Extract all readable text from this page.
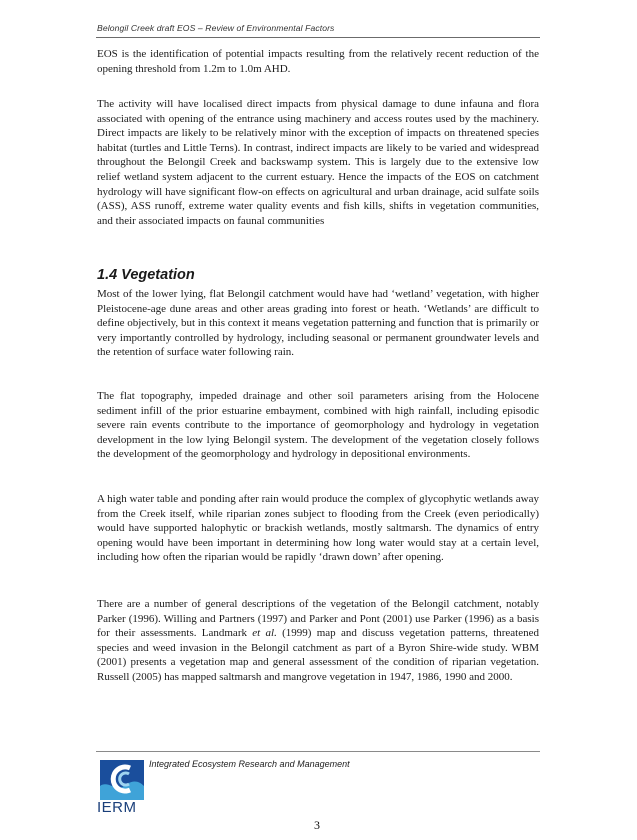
Belongil Creek draft EOS – Review of Environmental Factors

EOS is the identification of potential impacts resulting from the relatively recent reduction of the opening threshold from 1.2m to 1.0m AHD.

The activity will have localised direct impacts from physical damage to dune infauna and flora associated with opening of the entrance using machinery and access routes used by the machinery. Direct impacts are likely to be relatively minor with the exception of impacts on threatened species habitat (turtles and Little Terns). In contrast, indirect impacts are likely to be varied and widespread throughout the Belongil Creek and backswamp system. This is largely due to the extensive low relief wetland system adjacent to the current estuary. Hence the impacts of the EOS on catchment hydrology will have significant flow-on effects on agricultural and urban drainage, acid sulfate soils (ASS), ASS runoff, extreme water quality events and fish kills, shifts in vegetation communities, and their associated impacts on faunal communities

1.4 Vegetation

Most of the lower lying, flat Belongil catchment would have had ‘wetland’ vegetation, with higher Pleistocene-age dune areas and other areas grading into forest or heath. ‘Wetlands’ are difficult to define objectively, but in this context it means vegetation patterning and function that is primarily or very importantly controlled by hydrology, including seasonal or permanent groundwater levels and the retention of surface water following rain.

The flat topography, impeded drainage and other soil parameters arising from the Holocene sediment infill of the prior estuarine embayment, combined with high rainfall, including episodic severe rain events contribute to the importance of geomorphology and hydrology in vegetation development in the low lying Belongil system. The development of the vegetation closely follows the development of the geomorphology and hydrology in depositional environments.

A high water table and ponding after rain would produce the complex of glycophytic wetlands away from the Creek itself, while riparian zones subject to flooding from the Creek (even periodically) would have supported halophytic or brackish wetlands, mostly saltmarsh. The dynamics of entry opening would have been important in determining how long water would stay at a certain level, including how often the riparian would be rapidly ‘drawn down’ after opening.

There are a number of general descriptions of the vegetation of the Belongil catchment, notably Parker (1996). Willing and Partners (1997) and Parker and Pont (2001) use Parker (1996) as a basis for their assessments. Landmark et al. (1999) map and discuss vegetation patterns, threatened species and weed invasion in the Belongil catchment as part of a Byron Shire-wide study. WBM (2001) presents a vegetation map and general assessment of the condition of riparian vegetation. Russell (2005) has mapped saltmarsh and mangrove vegetation in 1947, 1986, 1990 and 2000.

IERM
Integrated Ecosystem Research and Management
3
